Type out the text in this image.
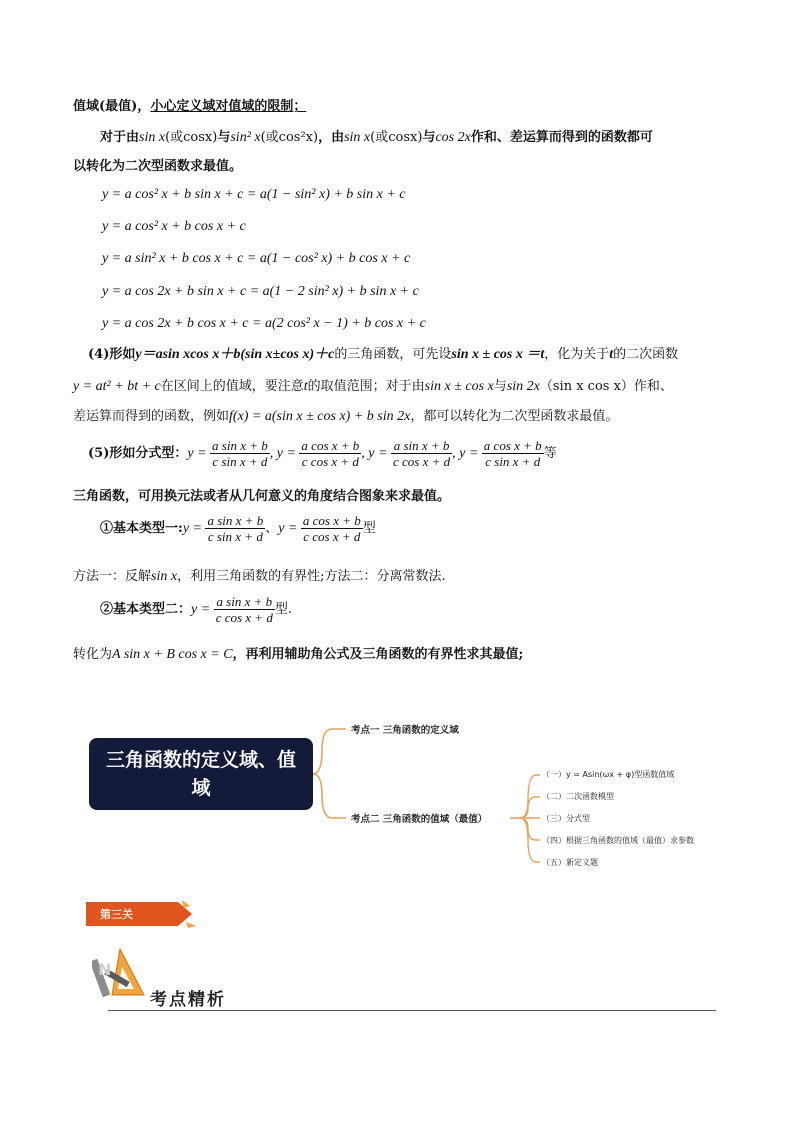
值域(最值)，小心定义域对值域的限制；
对于由sin x(或cosx)与sin² x(或cos²x)，由sin x(或cosx)与cos 2x作和、差运算而得到的函数都可
以转化为二次型函数求最值。
y = a cos² x + b sin x + c = a(1 − sin² x) + b sin x + c
y = a cos² x + b cos x + c
y = a sin² x + b cos x + c = a(1 − cos² x) + b cos x + c
y = a cos 2x + b sin x + c = a(1 − 2 sin² x) + b sin x + c
y = a cos 2x + b cos x + c = a(2 cos² x − 1) + b cos x + c
(4)形如y＝asin xcos x＋b(sin x±cos x)＋c的三角函数，可先设sin x ± cos x ＝t，化为关于t的二次函数
y = at² + bt + c在区间上的值域，要注意t的取值范围；对于由sin x ± cos x与sin 2x（sin x cos x）作和、
差运算而得到的函数，例如f(x) = a(sin x ± cos x) + b sin 2x，都可以转化为二次型函数求最值。
(5)形如分式型：$y = \frac{\text{a sin x + b}}{\text{c sin x + d}}$ , $y = \frac{\text{a cos x + b}}{\text{c cos x + d}}$ , $y = \frac{\text{a sin x + b}}{\text{c cos x + d}}$ , $y = \frac{\text{a cos x + b}}{\text{c sin x + d}}$ 等
三角函数，可用换元法或者从几何意义的角度结合图象来求最值。
①基本类型一:y = $\frac{\text{a sin x + b}}{\text{c sin x + d}}$ 、$y = \frac{\text{a cos x + b}}{\text{c cos x + d}}$ 型
方法一：反解sin x，利用三角函数的有界性;方法二：分离常数法.
②基本类型二：$y = \frac{\text{a sin x + b}}{\text{c cos x + d}}$ 型.
转化为A sin x + B cos x = C，再利用辅助角公式及三角函数的有界性求其最值;
三角函数的定义域、值域
考点一 三角函数的定义域
考点二 三角函数的值域（最值）
（一）y = Asin(ωx + φ)型函数值域
（二）二次函数模型
（三）分式型
（四）根据三角函数的值域（最值）求参数
（五）新定义题
第三关
N
考点精析
